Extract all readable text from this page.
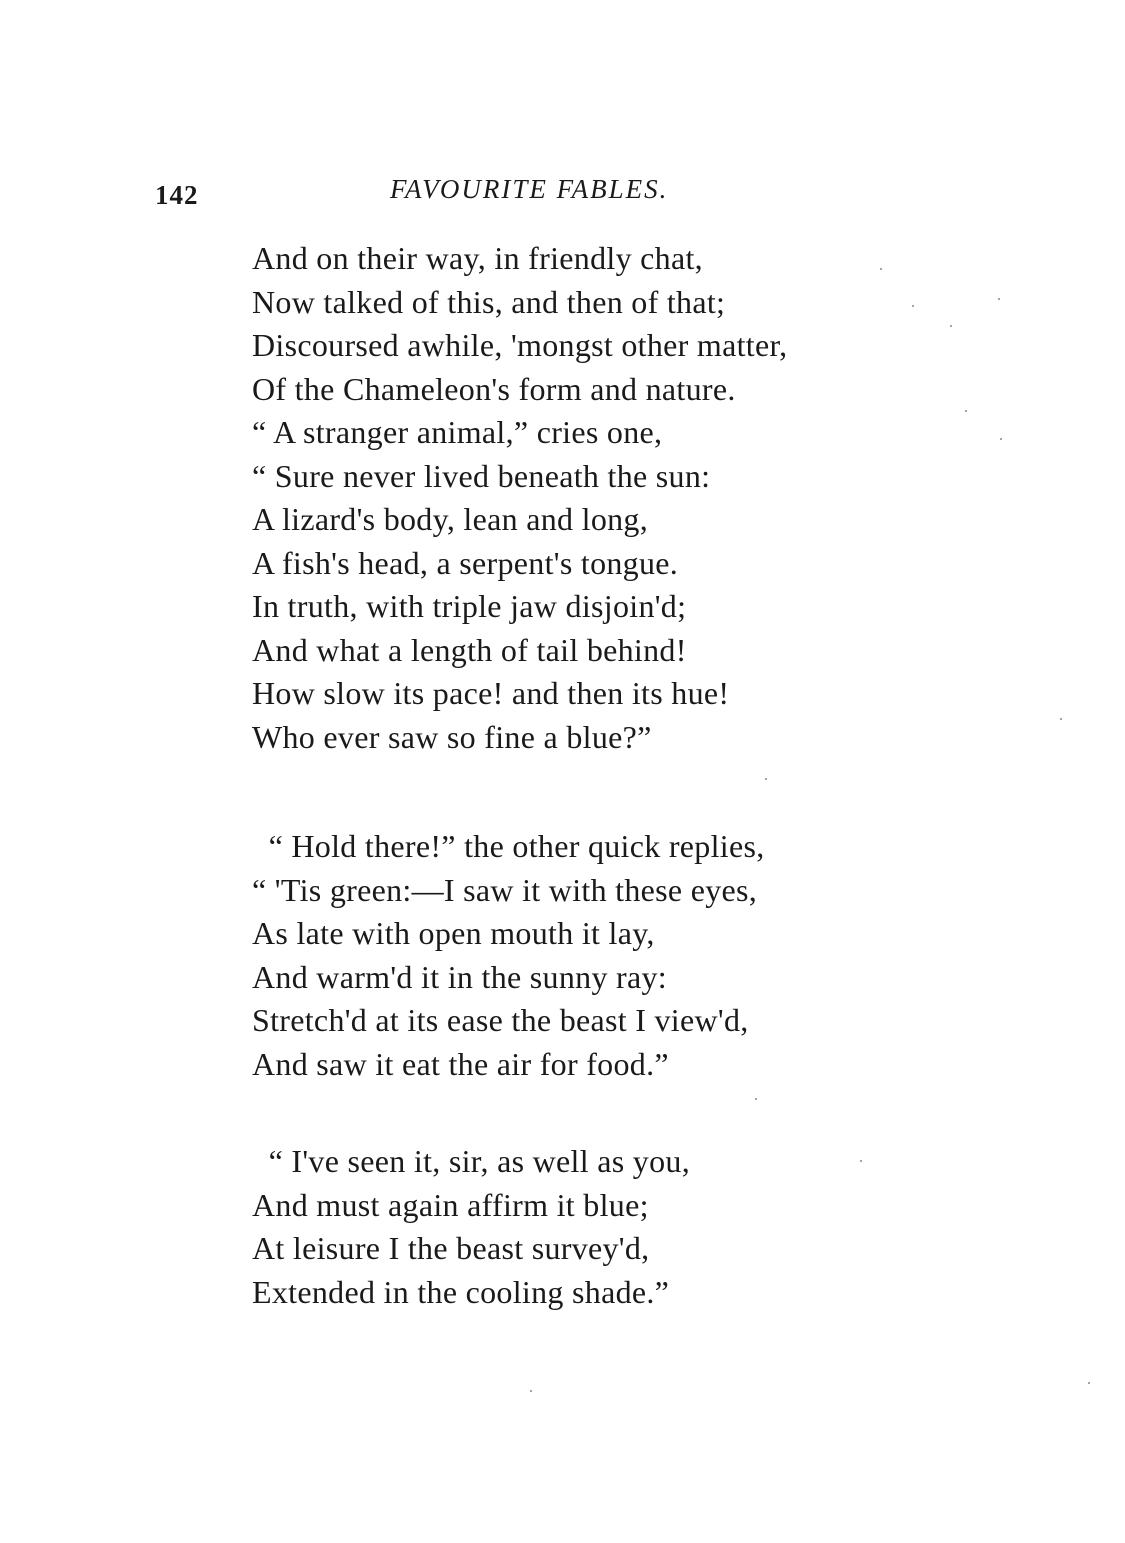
142	FAVOURITE FABLES.
And on their way, in friendly chat,
Now talked of this, and then of that;
Discoursed awhile, 'mongst other matter,
Of the Chameleon's form and nature.
“ A stranger animal,” cries one,
“ Sure never lived beneath the sun:
A lizard's body, lean and long,
A fish's head, a serpent's tongue.
In truth, with triple jaw disjoin'd;
And what a length of tail behind!
How slow its pace! and then its hue!
Who ever saw so fine a blue?”
“ Hold there!” the other quick replies,
“ 'Tis green:—I saw it with these eyes,
As late with open mouth it lay,
And warm'd it in the sunny ray:
Stretch'd at its ease the beast I view'd,
And saw it eat the air for food.”
“ I've seen it, sir, as well as you,
And must again affirm it blue;
At leisure I the beast survey'd,
Extended in the cooling shade.”
